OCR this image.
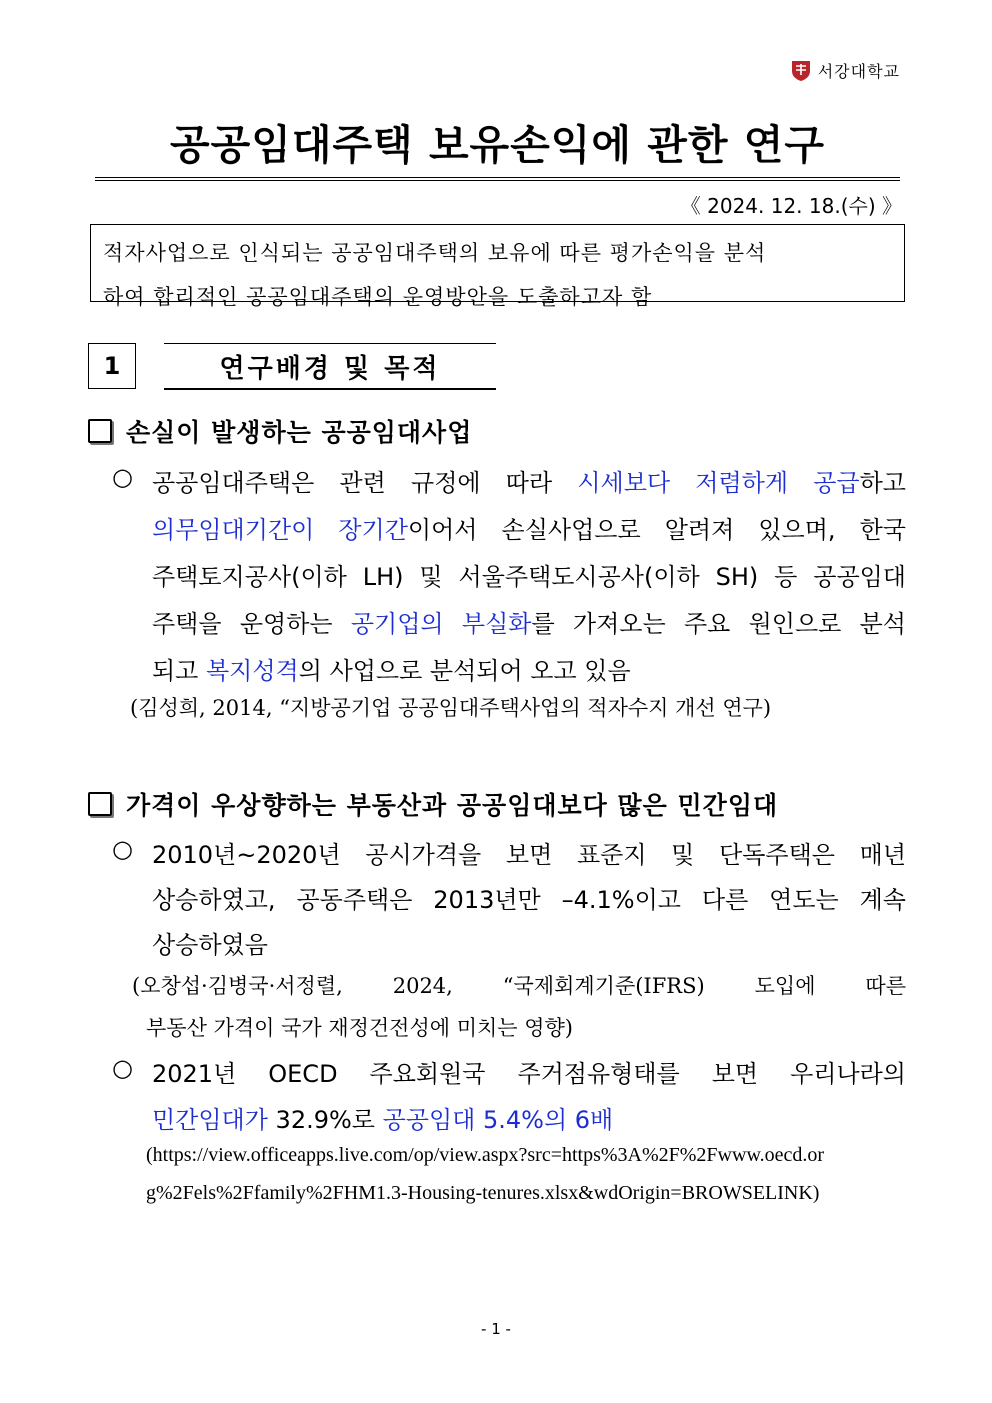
서강대학교
공공임대주택 보유손익에 관한 연구
《 2024. 12. 18.(수) 》

적자사업으로 인식되는 공공임대주택의 보유에 따른 평가손익을 분석

하여 합리적인 공공임대주택의 운영방안을 도출하고자 함

1	연구배경 및 목적
손실이 발생하는 공공임대사업
○ 공공임대주택은 관련 규정에 따라 시세보다 저렴하게 공급하고
의무임대기간이 장기간이어서 손실사업으로 알려져 있으며, 한국
주택토지공사(이하 LH) 및 서울주택도시공사(이하 SH) 등 공공임대
주택을 운영하는 공기업의 부실화를 가져오는 주요 원인으로 분석
되고 복지성격의 사업으로 분석되어 오고 있음
(김성희, 2014, “지방공기업 공공임대주택사업의 적자수지 개선 연구)
가격이 우상향하는 부동산과 공공임대보다 많은 민간임대
○ 2010년~2020년 공시가격을 보면 표준지 및 단독주택은 매년
상승하였고, 공동주택은 2013년만 –4.1%이고 다른 연도는 계속
상승하였음
(오창섭·김병국·서정렬, 2024, “국제회계기준(IFRS) 도입에 따른
부동산 가격이 국가 재정건전성에 미치는 영향)
○ 2021년 OECD 주요회원국 주거점유형태를 보면 우리나라의
민간임대가 32.9%로 공공임대 5.4%의 6배
(https://view.officeapps.live.com/op/view.aspx?src=https%3A%2F%2Fwww.oecd.or
g%2Fels%2Ffamily%2FHM1.3-Housing-tenures.xlsx&wdOrigin=BROWSELINK)
- 1 -
